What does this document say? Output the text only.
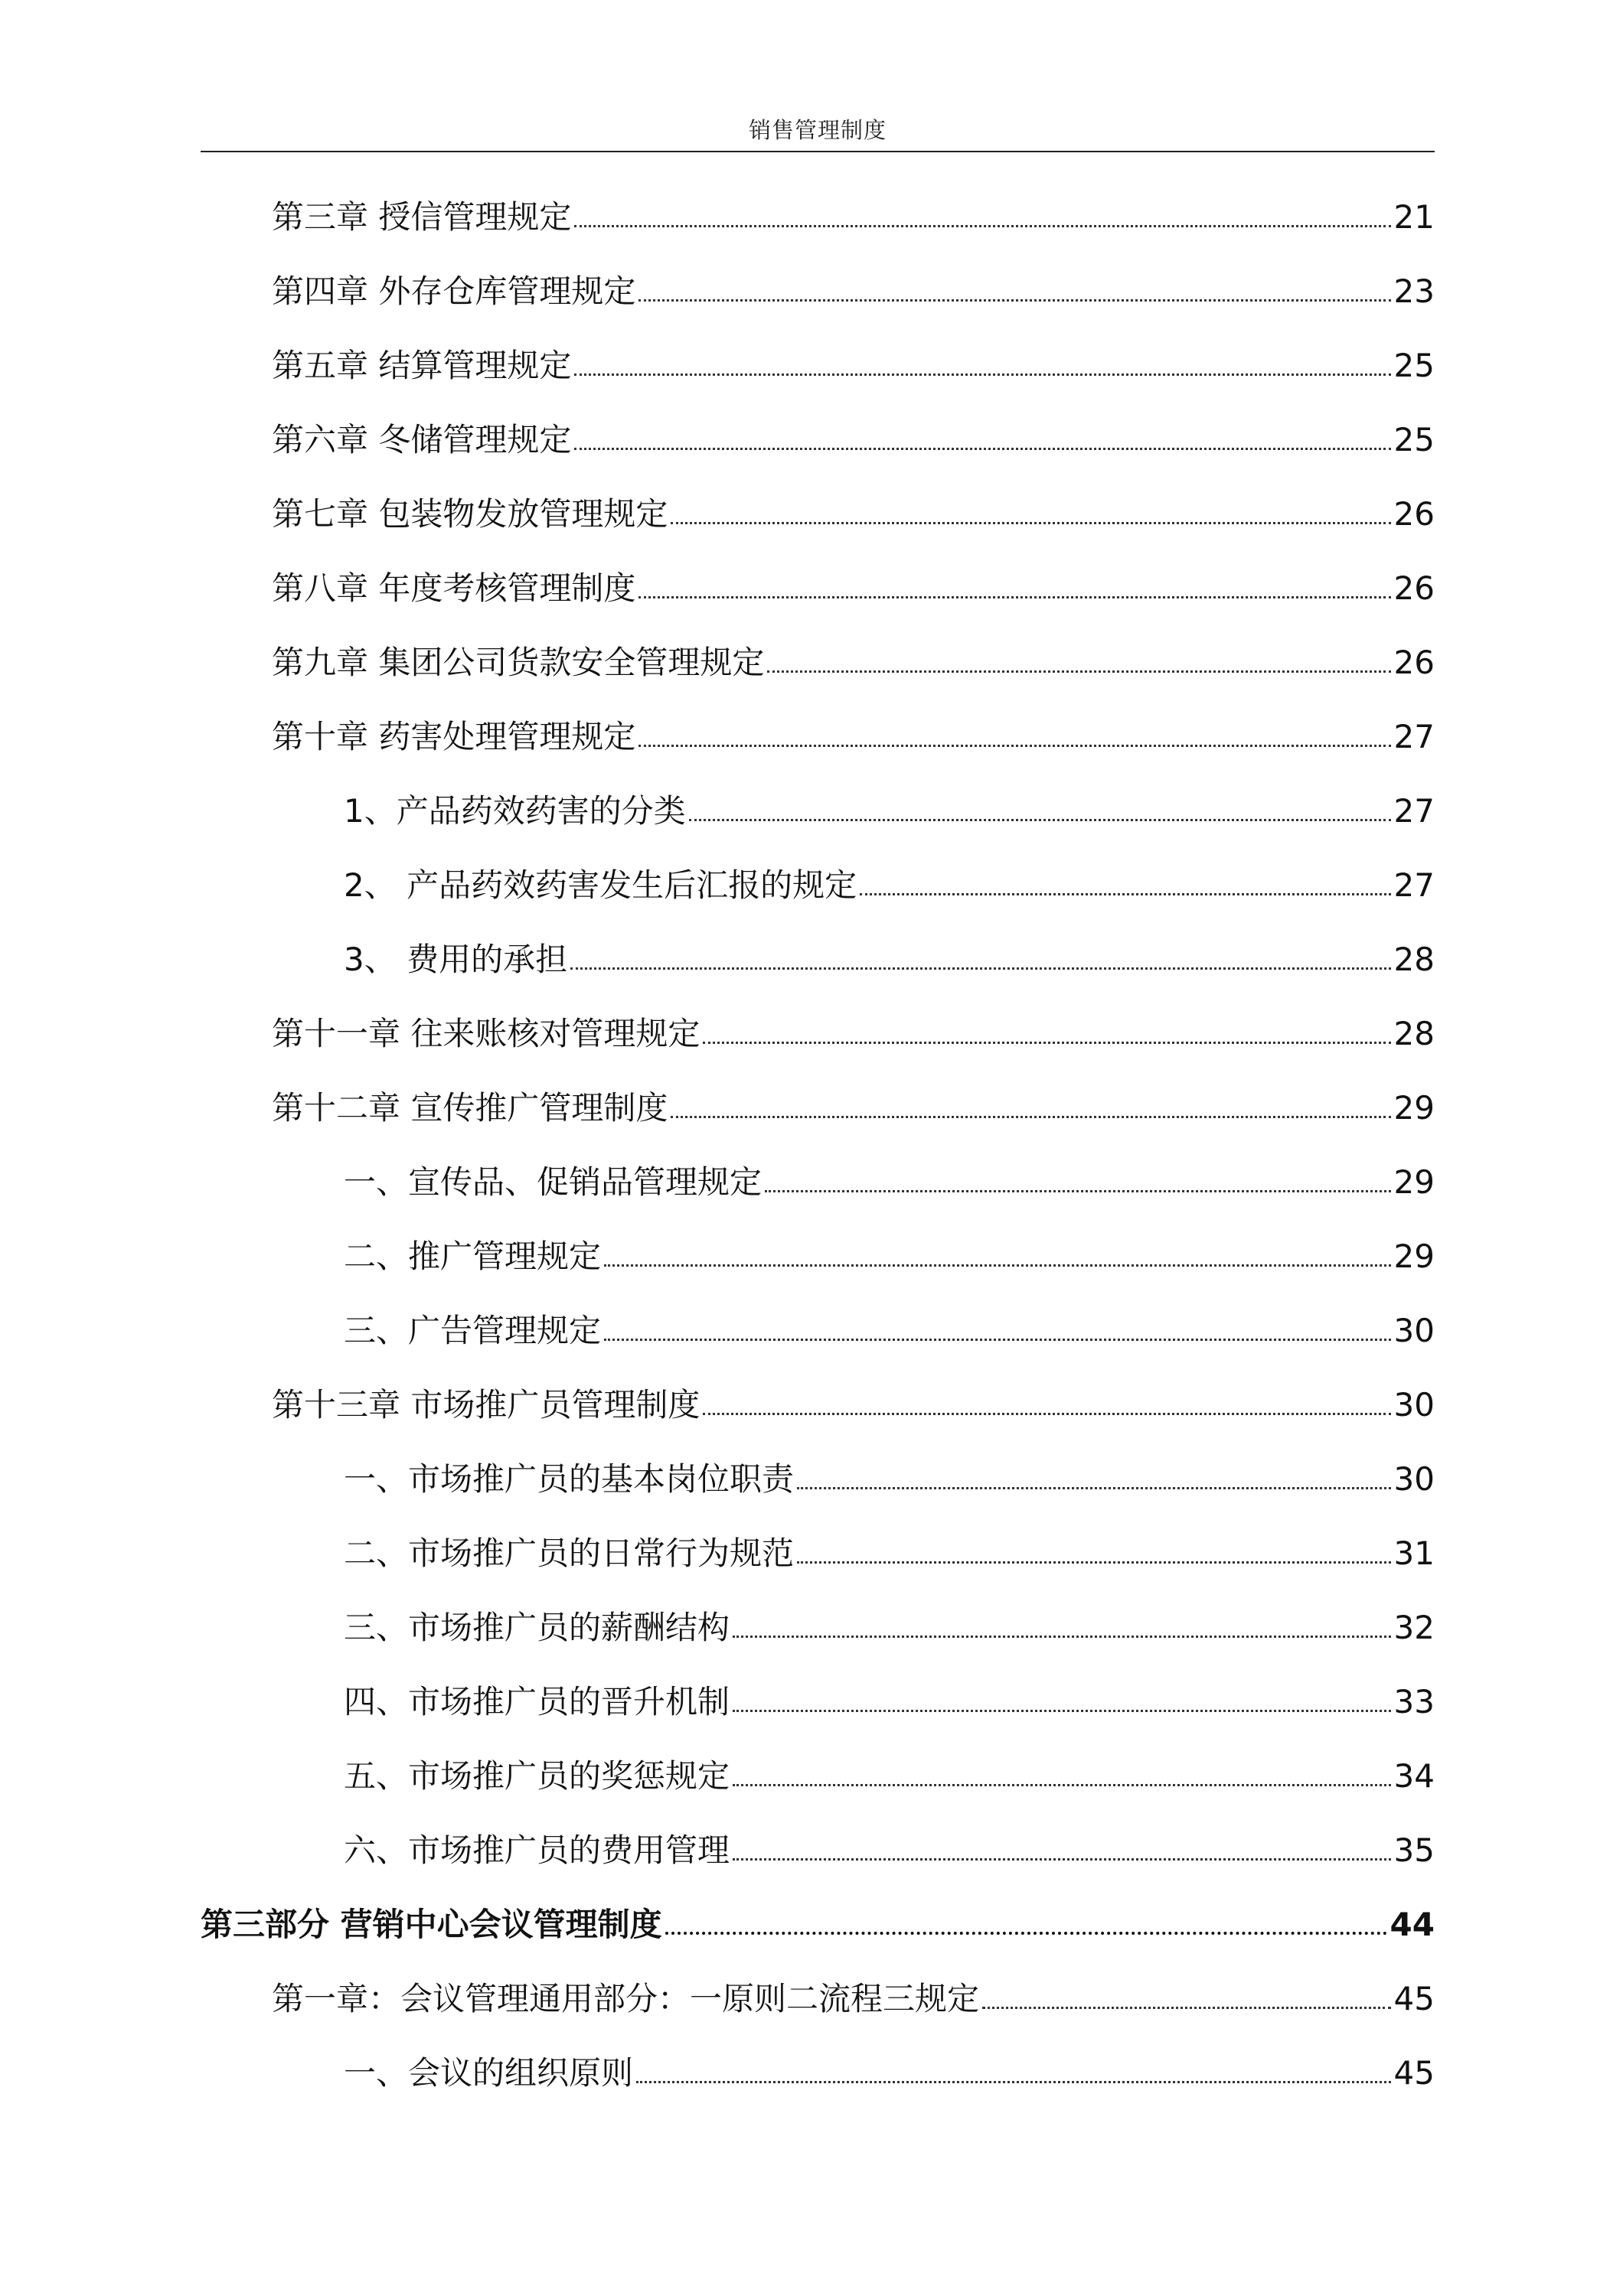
销售管理制度
第三章 授信管理规定	21
第四章 外存仓库管理规定	23
第五章 结算管理规定	25
第六章 冬储管理规定	25
第七章 包装物发放管理规定	26
第八章 年度考核管理制度	26
第九章 集团公司货款安全管理规定	26
第十章 药害处理管理规定	27
1、产品药效药害的分类	27
2、 产品药效药害发生后汇报的规定	27
3、 费用的承担	28
第十一章 往来账核对管理规定	28
第十二章 宣传推广管理制度	29
一、宣传品、促销品管理规定	29
二、推广管理规定	29
三、广告管理规定	30
第十三章 市场推广员管理制度	30
一、市场推广员的基本岗位职责	30
二、市场推广员的日常行为规范	31
三、市场推广员的薪酬结构	32
四、市场推广员的晋升机制	33
五、市场推广员的奖惩规定	34
六、市场推广员的费用管理	35
第三部分 营销中心会议管理制度	44
第一章：会议管理通用部分：一原则二流程三规定	45
一、会议的组织原则	45
